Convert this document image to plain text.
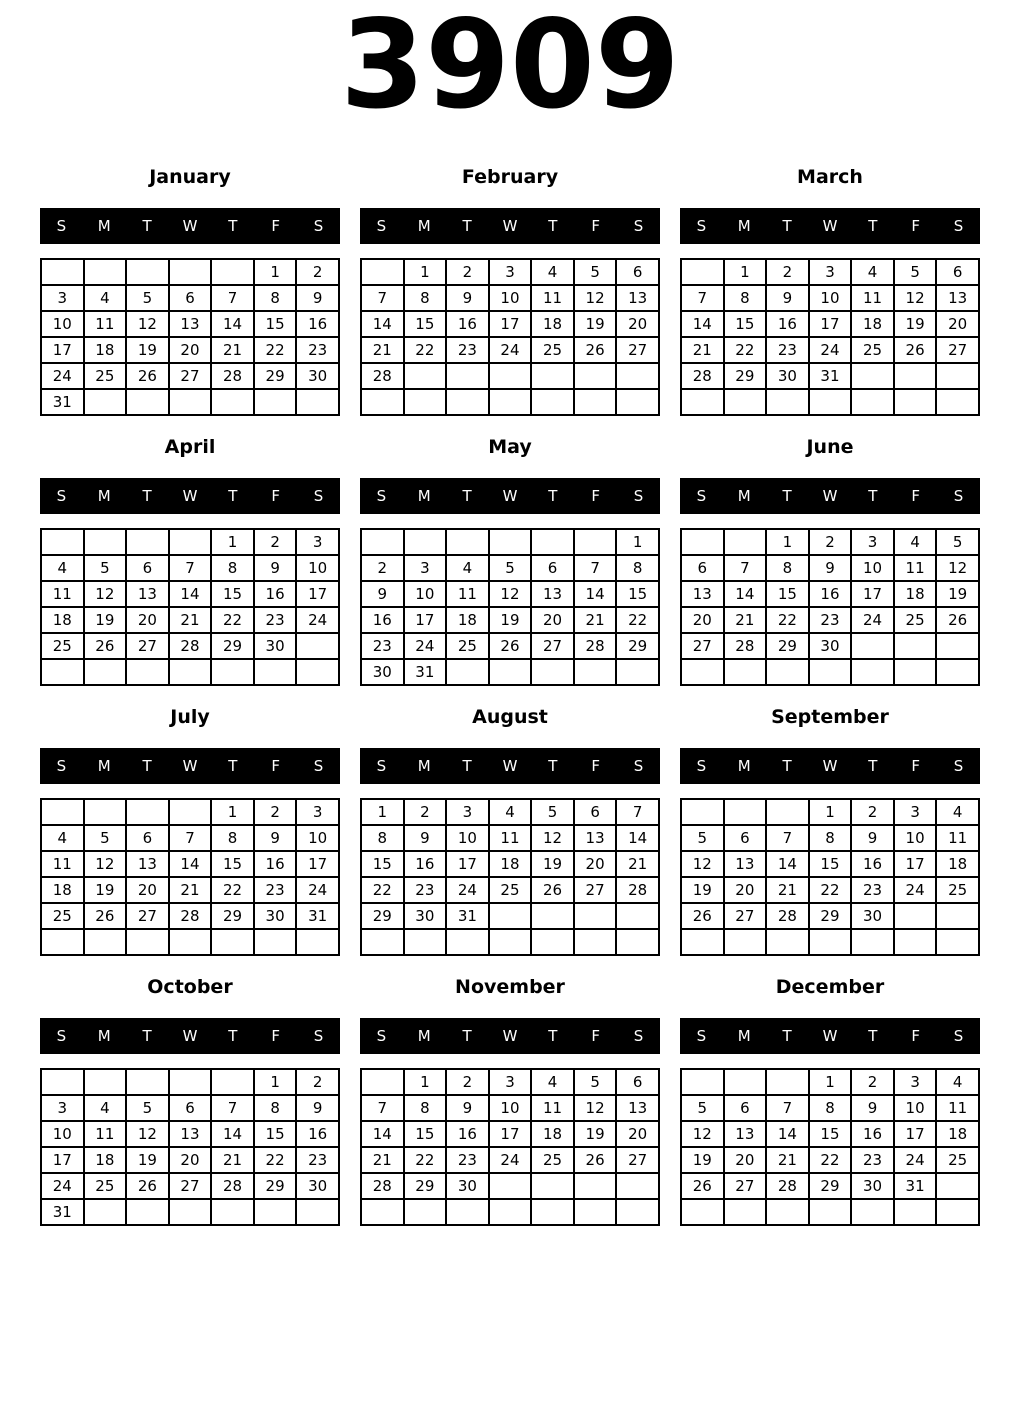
3909
January
S	M	T	W	T	F	S
					1	2
3	4	5	6	7	8	9
10	11	12	13	14	15	16
17	18	19	20	21	22	23
24	25	26	27	28	29	30
31						
February
S	M	T	W	T	F	S
	1	2	3	4	5	6
7	8	9	10	11	12	13
14	15	16	17	18	19	20
21	22	23	24	25	26	27
28						

March
S	M	T	W	T	F	S
	1	2	3	4	5	6
7	8	9	10	11	12	13
14	15	16	17	18	19	20
21	22	23	24	25	26	27
28	29	30	31			

April
S	M	T	W	T	F	S
				1	2	3
4	5	6	7	8	9	10
11	12	13	14	15	16	17
18	19	20	21	22	23	24
25	26	27	28	29	30	

May
S	M	T	W	T	F	S
						1
2	3	4	5	6	7	8
9	10	11	12	13	14	15
16	17	18	19	20	21	22
23	24	25	26	27	28	29
30	31					
June
S	M	T	W	T	F	S
		1	2	3	4	5
6	7	8	9	10	11	12
13	14	15	16	17	18	19
20	21	22	23	24	25	26
27	28	29	30			

July
S	M	T	W	T	F	S
				1	2	3
4	5	6	7	8	9	10
11	12	13	14	15	16	17
18	19	20	21	22	23	24
25	26	27	28	29	30	31

August
S	M	T	W	T	F	S
1	2	3	4	5	6	7
8	9	10	11	12	13	14
15	16	17	18	19	20	21
22	23	24	25	26	27	28
29	30	31				

September
S	M	T	W	T	F	S
			1	2	3	4
5	6	7	8	9	10	11
12	13	14	15	16	17	18
19	20	21	22	23	24	25
26	27	28	29	30		

October
S	M	T	W	T	F	S
					1	2
3	4	5	6	7	8	9
10	11	12	13	14	15	16
17	18	19	20	21	22	23
24	25	26	27	28	29	30
31						
November
S	M	T	W	T	F	S
	1	2	3	4	5	6
7	8	9	10	11	12	13
14	15	16	17	18	19	20
21	22	23	24	25	26	27
28	29	30				

December
S	M	T	W	T	F	S
			1	2	3	4
5	6	7	8	9	10	11
12	13	14	15	16	17	18
19	20	21	22	23	24	25
26	27	28	29	30	31	
